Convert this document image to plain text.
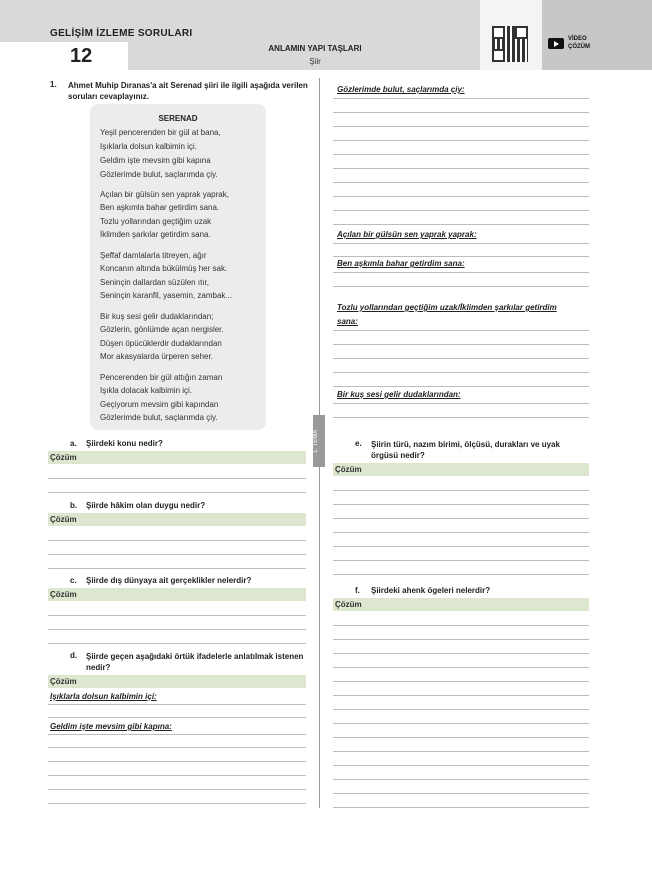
GELİŞİM İZLEME SORULARI
12	ANLAMIN YAPI TAŞLARI
Şiir
VİDEO
ÇÖZÜM
1. TEMA
1. Ahmet Muhip Dıranas'a ait Serenad şiiri ile ilgili aşağıda verilen soruları cevaplayınız.
SERENAD
Yeşil pencerenden bir gül at bana,
Işıklarla dolsun kalbimin içi.
Geldim işte mevsim gibi kapına
Gözlerimde bulut, saçlarımda çiy.
Açılan bir gülsün sen yaprak yaprak,
Ben aşkımla bahar getirdim sana.
Tozlu yollarından geçtiğim uzak
İklimden şarkılar getirdim sana.
Şeffaf damlalarla titreyen, ağır
Koncanın altında bükülmüş her sak.
Seninçin dallardan süzülen ıtır,
Seninçin karanfil, yasemin, zambak...
Bir kuş sesi gelir dudaklarından;
Gözlerin, gönlümde açan nergisler.
Düşen öpücüklerdir dudaklarından
Mor akasyalarda ürperen seher.
Pencerenden bir gül attığın zaman
Işıkla dolacak kalbimin içi.
Geçiyorum mevsim gibi kapından
Gözlerimde bulut, saçlarımda çiy.
a. Şiirdeki konu nedir?
Çözüm
b. Şiirde hâkim olan duygu nedir?
Çözüm
c. Şiirde dış dünyaya ait gerçeklikler nelerdir?
Çözüm
d. Şiirde geçen aşağıdaki örtük ifadelerle anlatılmak istenen nedir?
Çözüm
Işıklarla dolsun kalbimin içi:
Geldim işte mevsim gibi kapına:
Gözlerimde bulut, saçlarımda çiy:
Açılan bir gülsün sen yaprak yaprak:
Ben aşkımla bahar getirdim sana:
Tozlu yollarından geçtiğim uzak/İklimden şarkılar getirdim
sana:
Bir kuş sesi gelir dudaklarından:
e. Şiirin türü, nazım birimi, ölçüsü, durakları ve uyak örgüsü nedir?
Çözüm
f. Şiirdeki ahenk ögeleri nelerdir?
Çözüm
